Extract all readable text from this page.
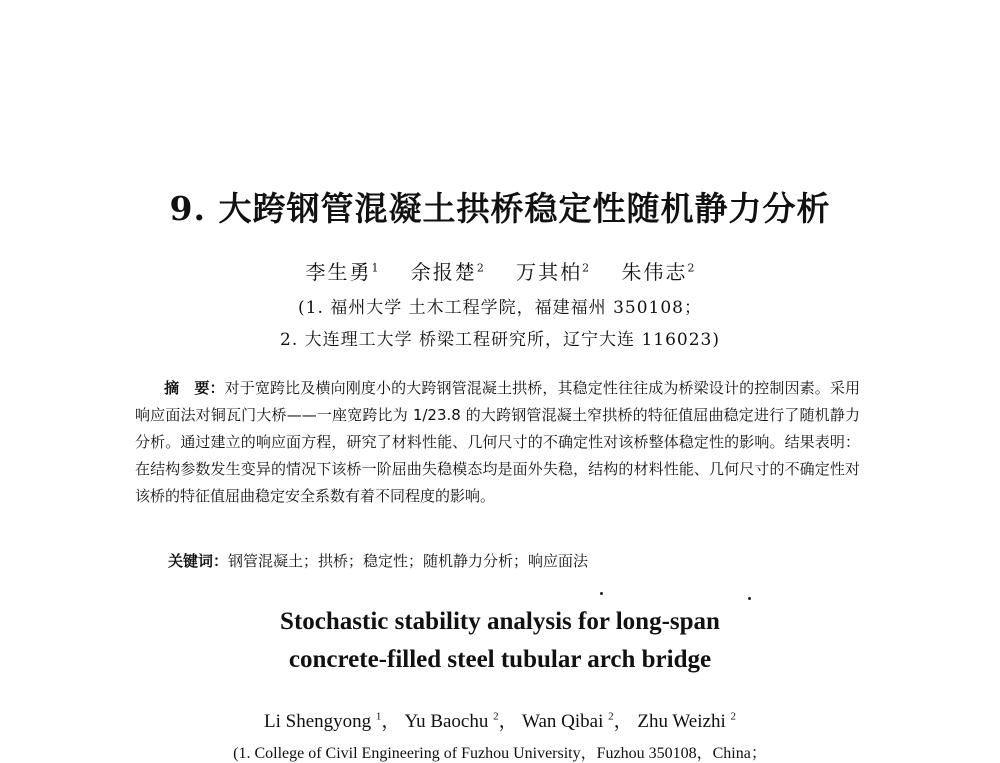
9. 大跨钢管混凝土拱桥稳定性随机静力分析
李生勇$^1$ 余报楚$^2$ 万其柏$^2$ 朱伟志$^2$
(1. 福州大学 土木工程学院，福建福州 350108；
2. 大连理工大学 桥梁工程研究所，辽宁大连 116023)
摘　要：对于宽跨比及横向刚度小的大跨钢管混凝土拱桥，其稳定性往往成为桥梁设计的控制因素。采用响应面法对铜瓦门大桥——一座宽跨比为 1/23.8 的大跨钢管混凝土窄拱桥的特征值屈曲稳定进行了随机静力分析。通过建立的响应面方程，研究了材料性能、几何尺寸的不确定性对该桥整体稳定性的影响。结果表明：在结构参数发生变异的情况下该桥一阶屈曲失稳模态均是面外失稳，结构的材料性能、几何尺寸的不确定性对该桥的特征值屈曲稳定安全系数有着不同程度的影响。
关键词：钢管混凝土；拱桥；稳定性；随机静力分析；响应面法
Stochastic stability analysis for long-span
concrete-filled steel tubular arch bridge
Li Shengyong $^1$， Yu Baochu $^2$， Wan Qibai $^2$， Zhu Weizhi $^2$
(1. College of Civil Engineering of Fuzhou University，Fuzhou 350108，China；
